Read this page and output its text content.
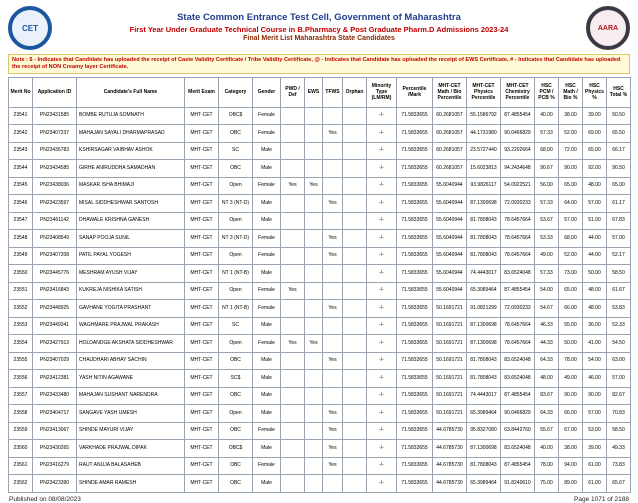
CET
State Common Entrance Test Cell, Government of Maharashtra
First Year Under Graduate Technical Course in B.Pharmacy & Post Graduate Pharm.D Admissions 2023-24
Final Merit List Maharashtra State Candidates
AARA
Note : $ - Indicates that Candidate has uploaded the receipt of Caste Validity Certificate / Tribe Validity Certificate, @ - Indicates that Candidate has uploaded the receipt of EWS Certificate, # - Indicates that Candidate has uploaded the receipt of NON Creamy layer Certificate.
Merit No	Application ID	Candidate's Full Name	Merit Exam	Category	Gender	PWD / Def	EWS	TFWS	Orphan	Minority Type (LM/RM)	Percentile /Mark	MHT-CET Math / Bio Percentile	MHT-CET Physics Percentile	MHT-CET Chemistry Percentile	HSC PCM / PCB %	HSC Math / Bio %	HSC Physics %	HSC Total %
23541	PN23431585	BOMBE RUTUJA SOMNATH	MHT-CET	OBC$	Female					-/-	71.5833655	60.2681057	55.1586792	87.4855454	40.00	38.00	39.00	50.50
23542	PN23407237	MAHAJAN SAYALI DHARMAPRASAD	MHT-CET	OBC	Female			Yes		-/-	71.5833655	60.2681057	44.1731980	90.0466829	57.33	52.00	69.00	65.50
23543	PN23436783	KSHIRSAGAR VAIBHAV ASHOK	MHT-CET	SC	Male					-/-	71.5833655	60.2681057	23.5727440	93.2202664	68.00	72.00	65.00	66.17
23544	PN23434585	GIRHE ANIRUDDHA SAMADHAN	MHT-CET	OBC	Male					-/-	71.5833655	60.2681057	15.6023813	94.2434648	90.67	90.00	92.00	90.50
23545	PN23438036	MASKAR ISHA BHIMAJI	MHT-CET	Open	Female	Yes	Yes			-/-	71.5833655	55.6040944	93.9826117	54.0922521	56.00	65.00	48.00	65.00
23546	PN23423597	MISAL SIDDHESHWAR SANTOSH	MHT-CET	NT 3 (NT-D)	Male			Yes		-/-	71.5833655	55.6040944	87.1300698	72.0930233	57.33	64.00	57.00	61.17
23547	PN23461142	DHAWALE KRISHNA GANESH	MHT-CET	Open	Male					-/-	71.5833655	55.6040944	81.7808043	78.6457664	53.67	57.00	51.00	67.83
23548	PN23408549	SANAP POOJA SUNIL	MHT-CET	NT 3 (NT-D)	Female			Yes		-/-	71.5833655	55.6040944	81.7808043	78.6457664	53.33	68.00	44.00	57.00
23549	PN23407208	PATIL PAYAL YOGESH	MHT-CET	Open	Female			Yes		-/-	71.5833655	55.6040944	81.7808043	78.6457664	49.00	52.00	44.00	52.17
23550	PN23445776	MESHRAM AYUSH VIJAY	MHT-CET	NT 1 (NT-B)	Male					-/-	71.5833655	55.6040944	74.4443017	83.6524048	57.33	73.00	50.00	58.50
23551	PN23416843	KUKREJA NISHIKA SATISH	MHT-CET	Open	Female	Yes				-/-	71.5833655	55.6040944	65.3989464	87.4855454	54.00	65.00	48.00	61.67
23552	PN23448925	GAVHANE YOGITA PRASHANT	MHT-CET	NT 1 (NT-B)	Female			Yes		-/-	71.5833655	50.1691721	91.0821299	72.0930233	54.67	66.00	48.00	53.83
23553	PN23449341	WAGHMARE PRAJWAL PRAKASH	MHT-CET	SC	Male					-/-	71.5833655	50.1691721	87.1300698	78.6457664	46.33	55.00	36.00	52.33
23554	PN23427913	HOLDANDGE AKSHATA SIDDHESHWAR	MHT-CET	Open	Female	Yes	Yes			-/-	71.5833655	50.1691721	87.1300698	78.6457664	44.33	50.00	41.00	54.50
23555	PN23407029	CHAUDHARI ABHAY SACHIN	MHT-CET	OBC	Male			Yes		-/-	71.5833655	50.1691721	81.7808043	83.6524048	64.33	78.00	54.00	63.00
23556	PN23412381	YASH NITIN AGAWANE	MHT-CET	SC$	Male					-/-	71.5833655	50.1691721	81.7808043	83.6524048	48.00	49.00	46.00	57.00
23557	PN23433480	MAHAJAN SUSHANT NARENDRA	MHT-CET	OBC	Male					-/-	71.5833655	50.1691721	74.4443017	87.4855454	83.67	90.00	90.00	82.67
23558	PN23404717	SANGAVE YASH UMESH	MHT-CET	Open	Male			Yes		-/-	71.5833655	50.1691721	65.3989464	90.0466829	64.33	66.00	57.00	70.83
23559	PN23413067	SHINDE MAYURI VIJAY	MHT-CET	OBC	Female			Yes		-/-	71.5833655	44.6785730	95.8327080	63.8442760	55.67	67.00	53.00	58.50
23560	PN23430265	VARKHADE PRAJWAL DIPAK	MHT-CET	OBC$	Male			Yes		-/-	71.5833655	44.6785730	87.1300698	83.6524048	40.00	38.00	39.00	49.33
23561	PN23416279	RAUT ANUJA BALASAHEB	MHT-CET	OBC	Female			Yes		-/-	71.5833655	44.6785730	81.7808043	87.4855454	78.00	94.00	61.00	73.83
23562	PN23423390	SHINDE AMAR RAMESH	MHT-CET	OBC	Male					-/-	71.5833655	44.6785730	65.3989464	91.8240610	75.00	89.00	61.00	65.67
Published on 08/08/2023	Page 1071 of 2188
